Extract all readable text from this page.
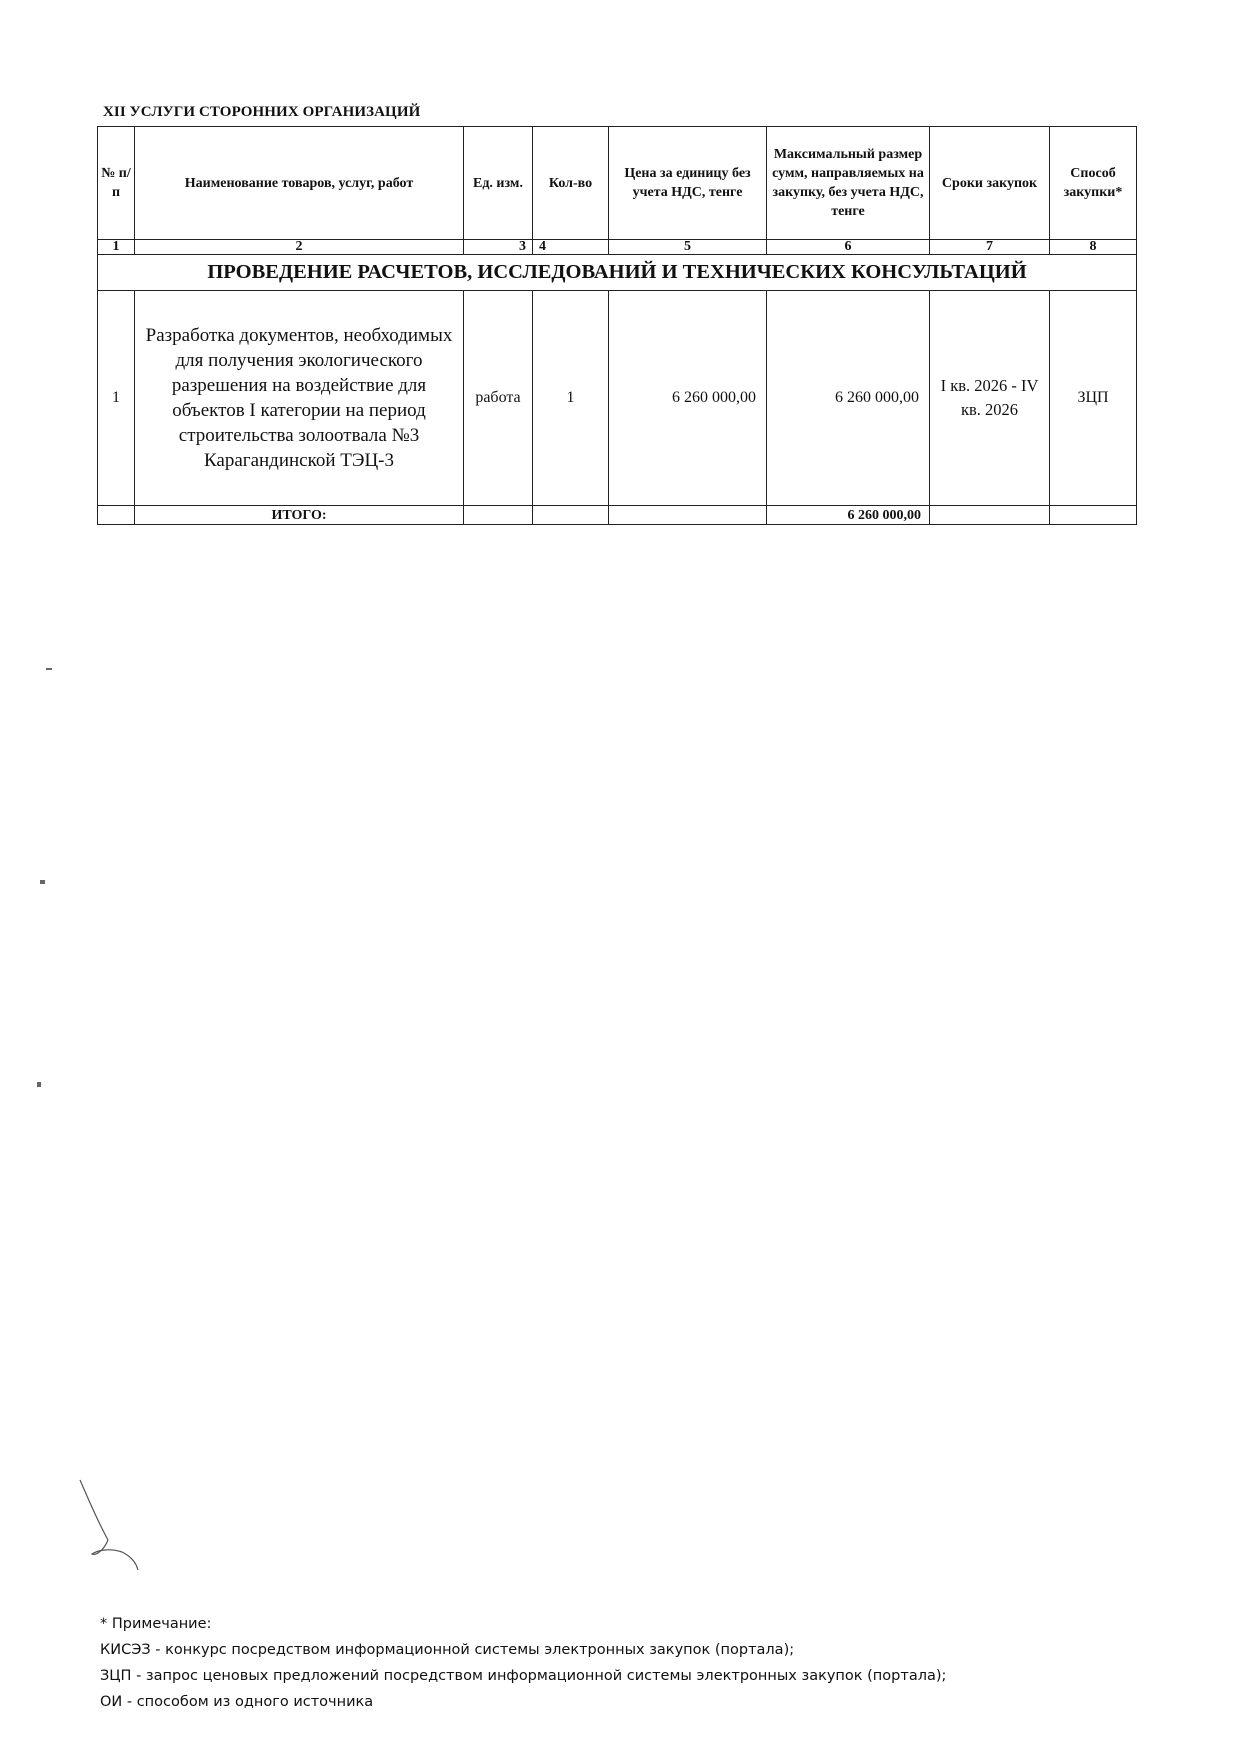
XII УСЛУГИ СТОРОННИХ ОРГАНИЗАЦИЙ
№ п/п	Наименование товаров, услуг, работ	Ед. изм.	Кол-во	Цена за единицу без учета НДС, тенге	Максимальный размер сумм, направляемых на закупку, без учета НДС, тенге	Сроки закупок	Способ закупки*
1	2	3	4	5	6	7	8
ПРОВЕДЕНИЕ РАСЧЕТОВ, ИССЛЕДОВАНИЙ И ТЕХНИЧЕСКИХ КОНСУЛЬТАЦИЙ							
1	Разработка документов, необходимых для получения экологического разрешения на воздействие для объектов I категории на период строительства золоотвала №3 Карагандинской ТЭЦ-3	работа	1	6 260 000,00	6 260 000,00	I кв. 2026 - IV кв. 2026	ЗЦП
	ИТОГО:				6 260 000,00		
* Примечание:
КИСЭЗ - конкурс посредством информационной системы электронных закупок (портала);
ЗЦП - запрос ценовых предложений посредством информационной системы электронных закупок (портала);
ОИ - способом из одного источника
